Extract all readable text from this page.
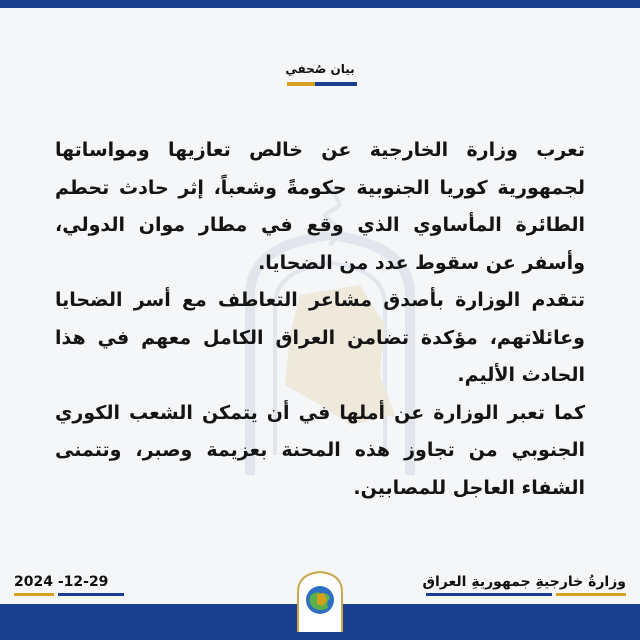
بيان صُحفي

تعرب وزارة الخارجية عن خالص تعازيها ومواساتها لجمهورية كوريا الجنوبية حكومةً وشعباً، إثر حادث تحطم الطائرة المأساوي الذي وقع في مطار موان الدولي، وأسفر عن سقوط عدد من الضحايا.

تتقدم الوزارة بأصدق مشاعر التعاطف مع أسر الضحايا وعائلاتهم، مؤكدة تضامن العراق الكامل معهم في هذا الحادث الأليم.

كما تعبر الوزارة عن أملها في أن يتمكن الشعب الكوري الجنوبي من تجاوز هذه المحنة بعزيمة وصبر، وتتمنى الشفاء العاجل للمصابين.

2024 -12-29	وزارةُ خارجيةِ جمهوريةِ العراق
وزارة الخارجية
